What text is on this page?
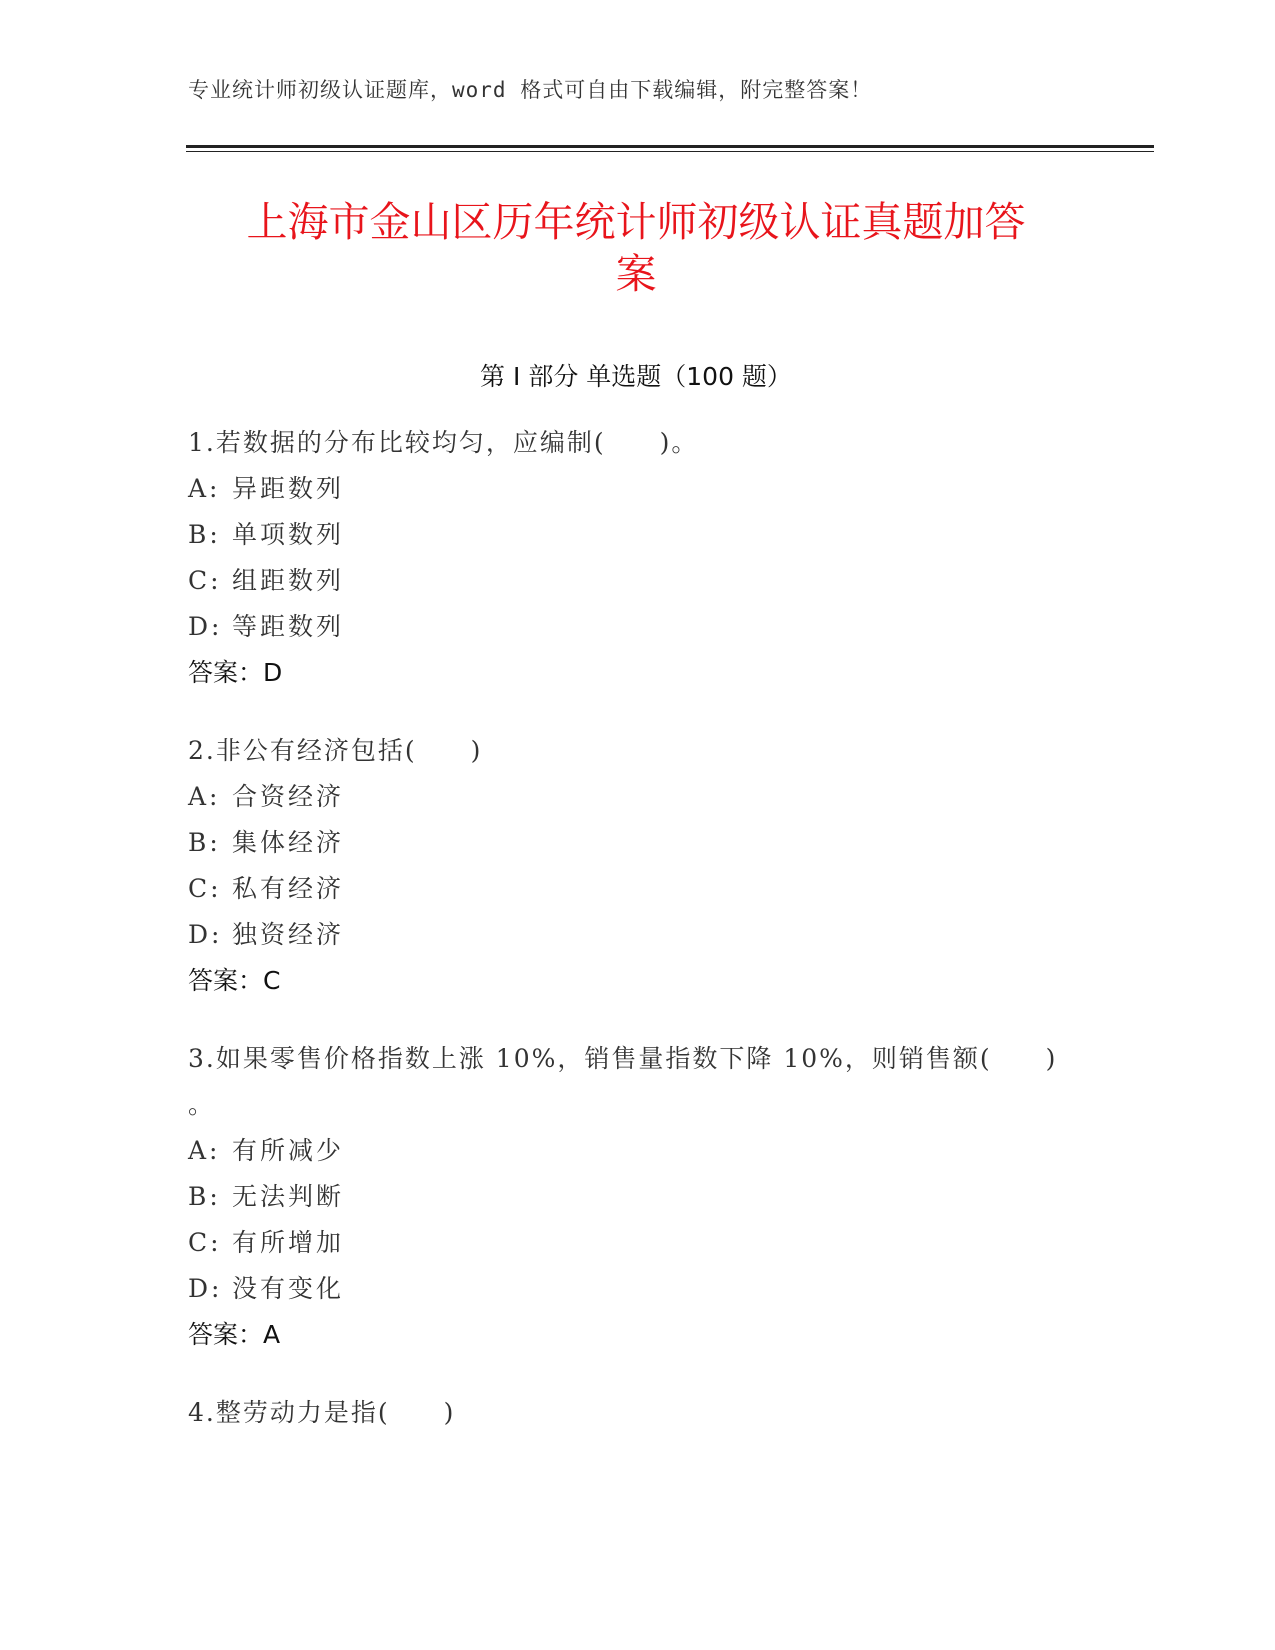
专业统计师初级认证题库，word 格式可自由下载编辑，附完整答案！
上海市金山区历年统计师初级认证真题加答
案
第 I 部分 单选题（100 题）
1.若数据的分布比较均匀，应编制(　　)。
A: 异距数列
B: 单项数列
C: 组距数列
D: 等距数列
答案：D
2.非公有经济包括(　　)
A: 合资经济
B: 集体经济
C: 私有经济
D: 独资经济
答案：C
3.如果零售价格指数上涨 10%，销售量指数下降 10%，则销售额(　　)
。
A: 有所减少
B: 无法判断
C: 有所增加
D: 没有变化
答案：A
4.整劳动力是指(　　)
